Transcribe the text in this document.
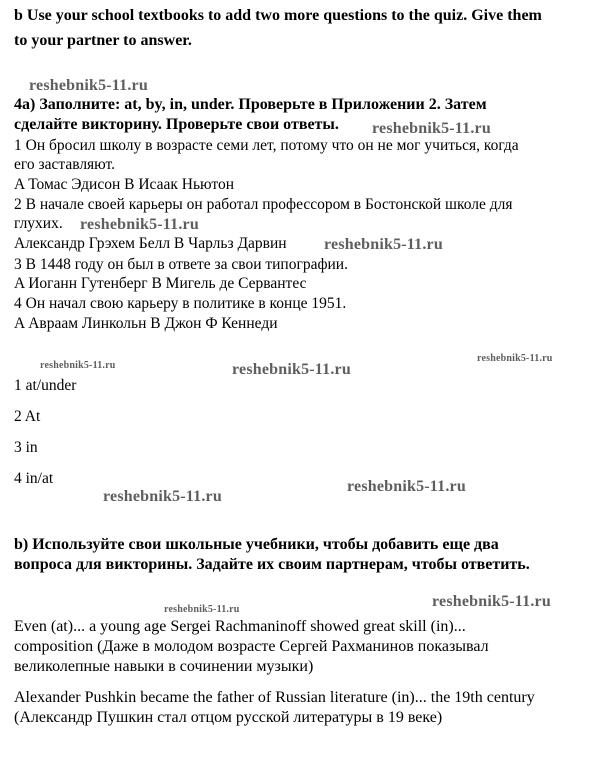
b Use your school textbooks to add two more questions to the quiz. Give them
to your partner to answer.
4a) Заполните: at, by, in, under. Проверьте в Приложении 2. Затем
сделайте викторину. Проверьте свои ответы.
1 Он бросил школу в возрасте семи лет, потому что он не мог учиться, когда
его заставляют.
A Томас Эдисон B Исаак Ньютон
2 В начале своей карьеры он работал профессором в Бостонской школе для
глухих.
Александр Грэхем Белл B Чарльз Дарвин
3 В 1448 году он был в ответе за свои типографии.
A Иоганн Гутенберг B Мигель де Сервантес
4 Он начал свою карьеру в политике в конце 1951.
A Авраам Линкольн B Джон Ф Кеннеди
1 at/under
2 At
3 in
4 in/at
b) Используйте свои школьные учебники, чтобы добавить еще два
вопроса для викторины. Задайте их своим партнерам, чтобы ответить.
Even (at)... a young age Sergei Rachmaninoff showed great skill (in)...
composition (Даже в молодом возрасте Сергей Рахманинов показывал
великолепные навыки в сочинении музыки)
Alexander Pushkin became the father of Russian literature (in)... the 19th century
(Александр Пушкин стал отцом русской литературы в 19 веке)
reshebnik5-11.ru
reshebnik5-11.ru
reshebnik5-11.ru
reshebnik5-11.ru
reshebnik5-11.ru	reshebnik5-11.ru
reshebnik5-11.ru
reshebnik5-11.ru
reshebnik5-11.ru
reshebnik5-11.ru	reshebnik5-11.ru
